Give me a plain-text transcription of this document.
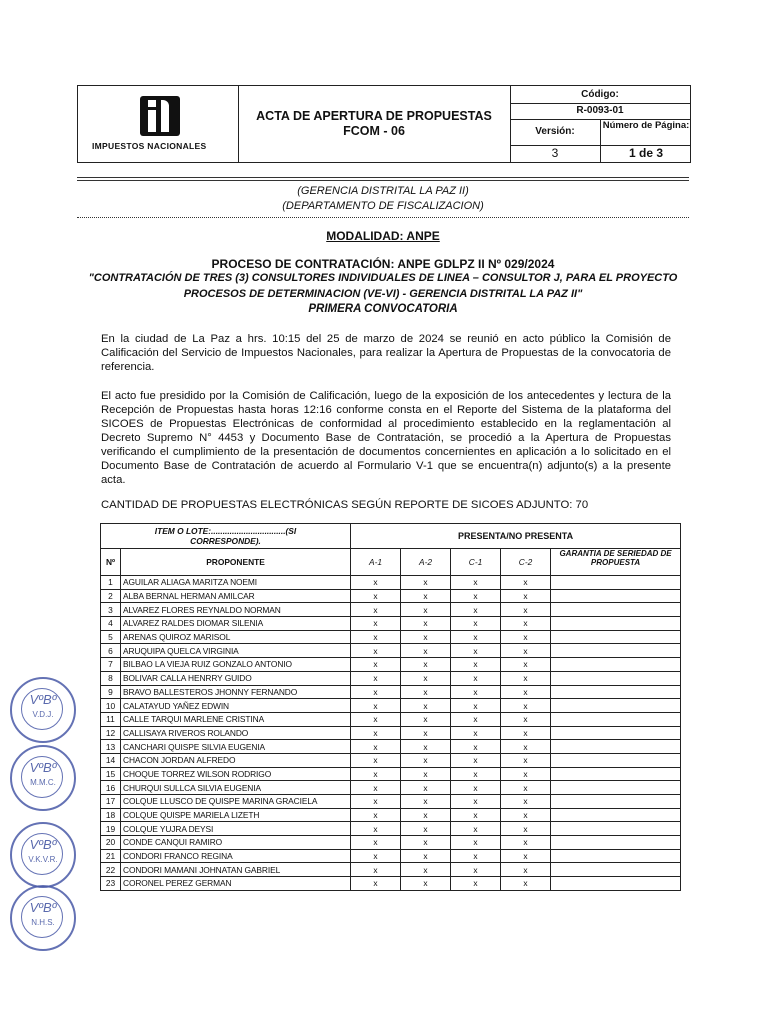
IMPUESTOS NACIONALES
ACTA DE APERTURA DE PROPUESTAS
FCOM - 06
Código:
R-0093-01
Versión:
Número de Página:
3	1 de 3
(GERENCIA DISTRITAL LA PAZ II)
(DEPARTAMENTO DE FISCALIZACION)
MODALIDAD: ANPE
PROCESO DE CONTRATACIÓN: ANPE GDLPZ II Nº 029/2024
"CONTRATACIÓN DE TRES (3) CONSULTORES INDIVIDUALES DE LINEA – CONSULTOR J, PARA EL PROYECTO
PROCESOS DE DETERMINACION (VE-VI) - GERENCIA DISTRITAL LA PAZ II"
PRIMERA CONVOCATORIA
En la ciudad de La Paz a hrs. 10:15 del 25 de marzo de 2024 se reunió en acto público la Comisión de Calificación del Servicio de Impuestos Nacionales, para realizar la Apertura de Propuestas de la convocatoria de referencia.
El acto fue presidido por la Comisión de Calificación, luego de la exposición de los antecedentes y lectura de la Recepción de Propuestas hasta horas 12:16 conforme consta en el Reporte del Sistema de la plataforma del SICOES de Propuestas Electrónicas de conformidad al procedimiento establecido en la reglamentación al Decreto Supremo N° 4453 y Documento Base de Contratación, se procedió a la Apertura de Propuestas verificando el cumplimiento de la presentación de documentos concernientes en aplicación a lo solicitado en el Documento Base de Contratación de acuerdo al Formulario V-1 que se encuentra(n) adjunto(s) a la presente acta.
CANTIDAD DE PROPUESTAS ELECTRÓNICAS SEGÚN REPORTE DE SICOES ADJUNTO: 70
ITEM O LOTE:................................(SI CORRESPONDE).		PRESENTA/NO PRESENTA				
Nº	PROPONENTE	A-1	A-2	C-1	C-2	GARANTIA DE SERIEDAD DE PROPUESTA
1	AGUILAR ALIAGA MARITZA NOEMI	x	x	x	x	
2	ALBA BERNAL HERMAN AMILCAR	x	x	x	x	
3	ALVAREZ FLORES REYNALDO NORMAN	x	x	x	x	
4	ALVAREZ RALDES DIOMAR SILENIA	x	x	x	x	
5	ARENAS QUIROZ MARISOL	x	x	x	x	
6	ARUQUIPA QUELCA VIRGINIA	x	x	x	x	
7	BILBAO LA VIEJA RUIZ GONZALO ANTONIO	x	x	x	x	
8	BOLIVAR CALLA HENRRY GUIDO	x	x	x	x	
9	BRAVO BALLESTEROS JHONNY FERNANDO	x	x	x	x	
10	CALATAYUD YAÑEZ EDWIN	x	x	x	x	
11	CALLE TARQUI MARLENE CRISTINA	x	x	x	x	
12	CALLISAYA RIVEROS ROLANDO	x	x	x	x	
13	CANCHARI QUISPE SILVIA EUGENIA	x	x	x	x	
14	CHACON JORDAN ALFREDO	x	x	x	x	
15	CHOQUE TORREZ WILSON RODRIGO	x	x	x	x	
16	CHURQUI SULLCA SILVIA EUGENIA	x	x	x	x	
17	COLQUE LLUSCO DE QUISPE MARINA GRACIELA	x	x	x	x	
18	COLQUE QUISPE MARIELA LIZETH	x	x	x	x	
19	COLQUE YUJRA DEYSI	x	x	x	x	
20	CONDE CANQUI RAMIRO	x	x	x	x	
21	CONDORI FRANCO REGINA	x	x	x	x	
22	CONDORI MAMANI JOHNATAN GABRIEL	x	x	x	x	
23	CORONEL PEREZ GERMAN	x	x	x	x	
VºBº
V.D.J.
VºBº
M.M.C.
VºBº
V.K.V.R.
VºBº
N.H.S.
